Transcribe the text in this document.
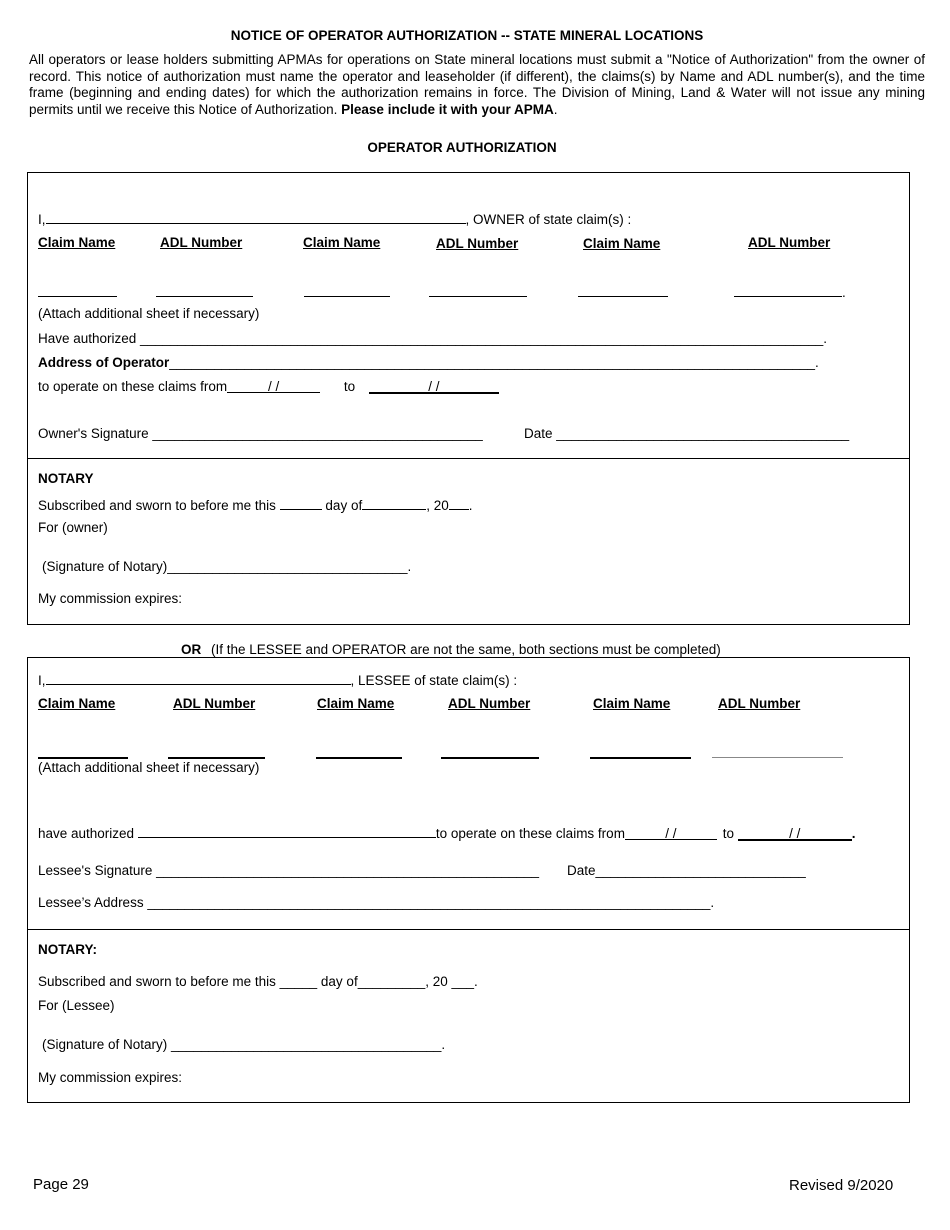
NOTICE OF OPERATOR AUTHORIZATION -- STATE MINERAL LOCATIONS
All operators or lease holders submitting APMAs for operations on State mineral locations must submit a "Notice of Authorization" from the owner of record. This notice of authorization must name the operator and leaseholder (if different), the claims(s) by Name and ADL number(s), and the time frame (beginning and ending dates) for which the authorization remains in force. The Division of Mining, Land & Water will not issue any mining permits until we receive this Notice of Authorization. Please include it with your APMA.
OPERATOR AUTHORIZATION
I,	, OWNER of state claim(s) :
Claim Name	ADL Number	Claim Name	ADL Number	Claim Name	ADL Number
.
(Attach additional sheet if necessary)
Have authorized ___________________________________________________________________________________________.
Address of Operator______________________________________________________________________________________.
to operate on these claims from	/ /	to	/ /
Owner's Signature ____________________________________________	Date _______________________________________
NOTARY
Subscribed and sworn to before me this	day of	, 20 .
For (owner)
(Signature of Notary)________________________________.
My commission expires:
OR (If the LESSEE and OPERATOR are not the same, both sections must be completed)
I,	, LESSEE of state claim(s) :
Claim Name	ADL Number	Claim Name	ADL Number	Claim Name	ADL Number
(Attach additional sheet if necessary)
have authorized	to operate on these claims from	/ /	to	/ /	.
Lessee's Signature ___________________________________________________ Date____________________________
Lessee’s Address ___________________________________________________________________________.
NOTARY:
Subscribed and sworn to before me this _____ day of_________, 20 ___.
For (Lessee)
(Signature of Notary) ____________________________________.
My commission expires:
Page 29	Revised 9/2020
